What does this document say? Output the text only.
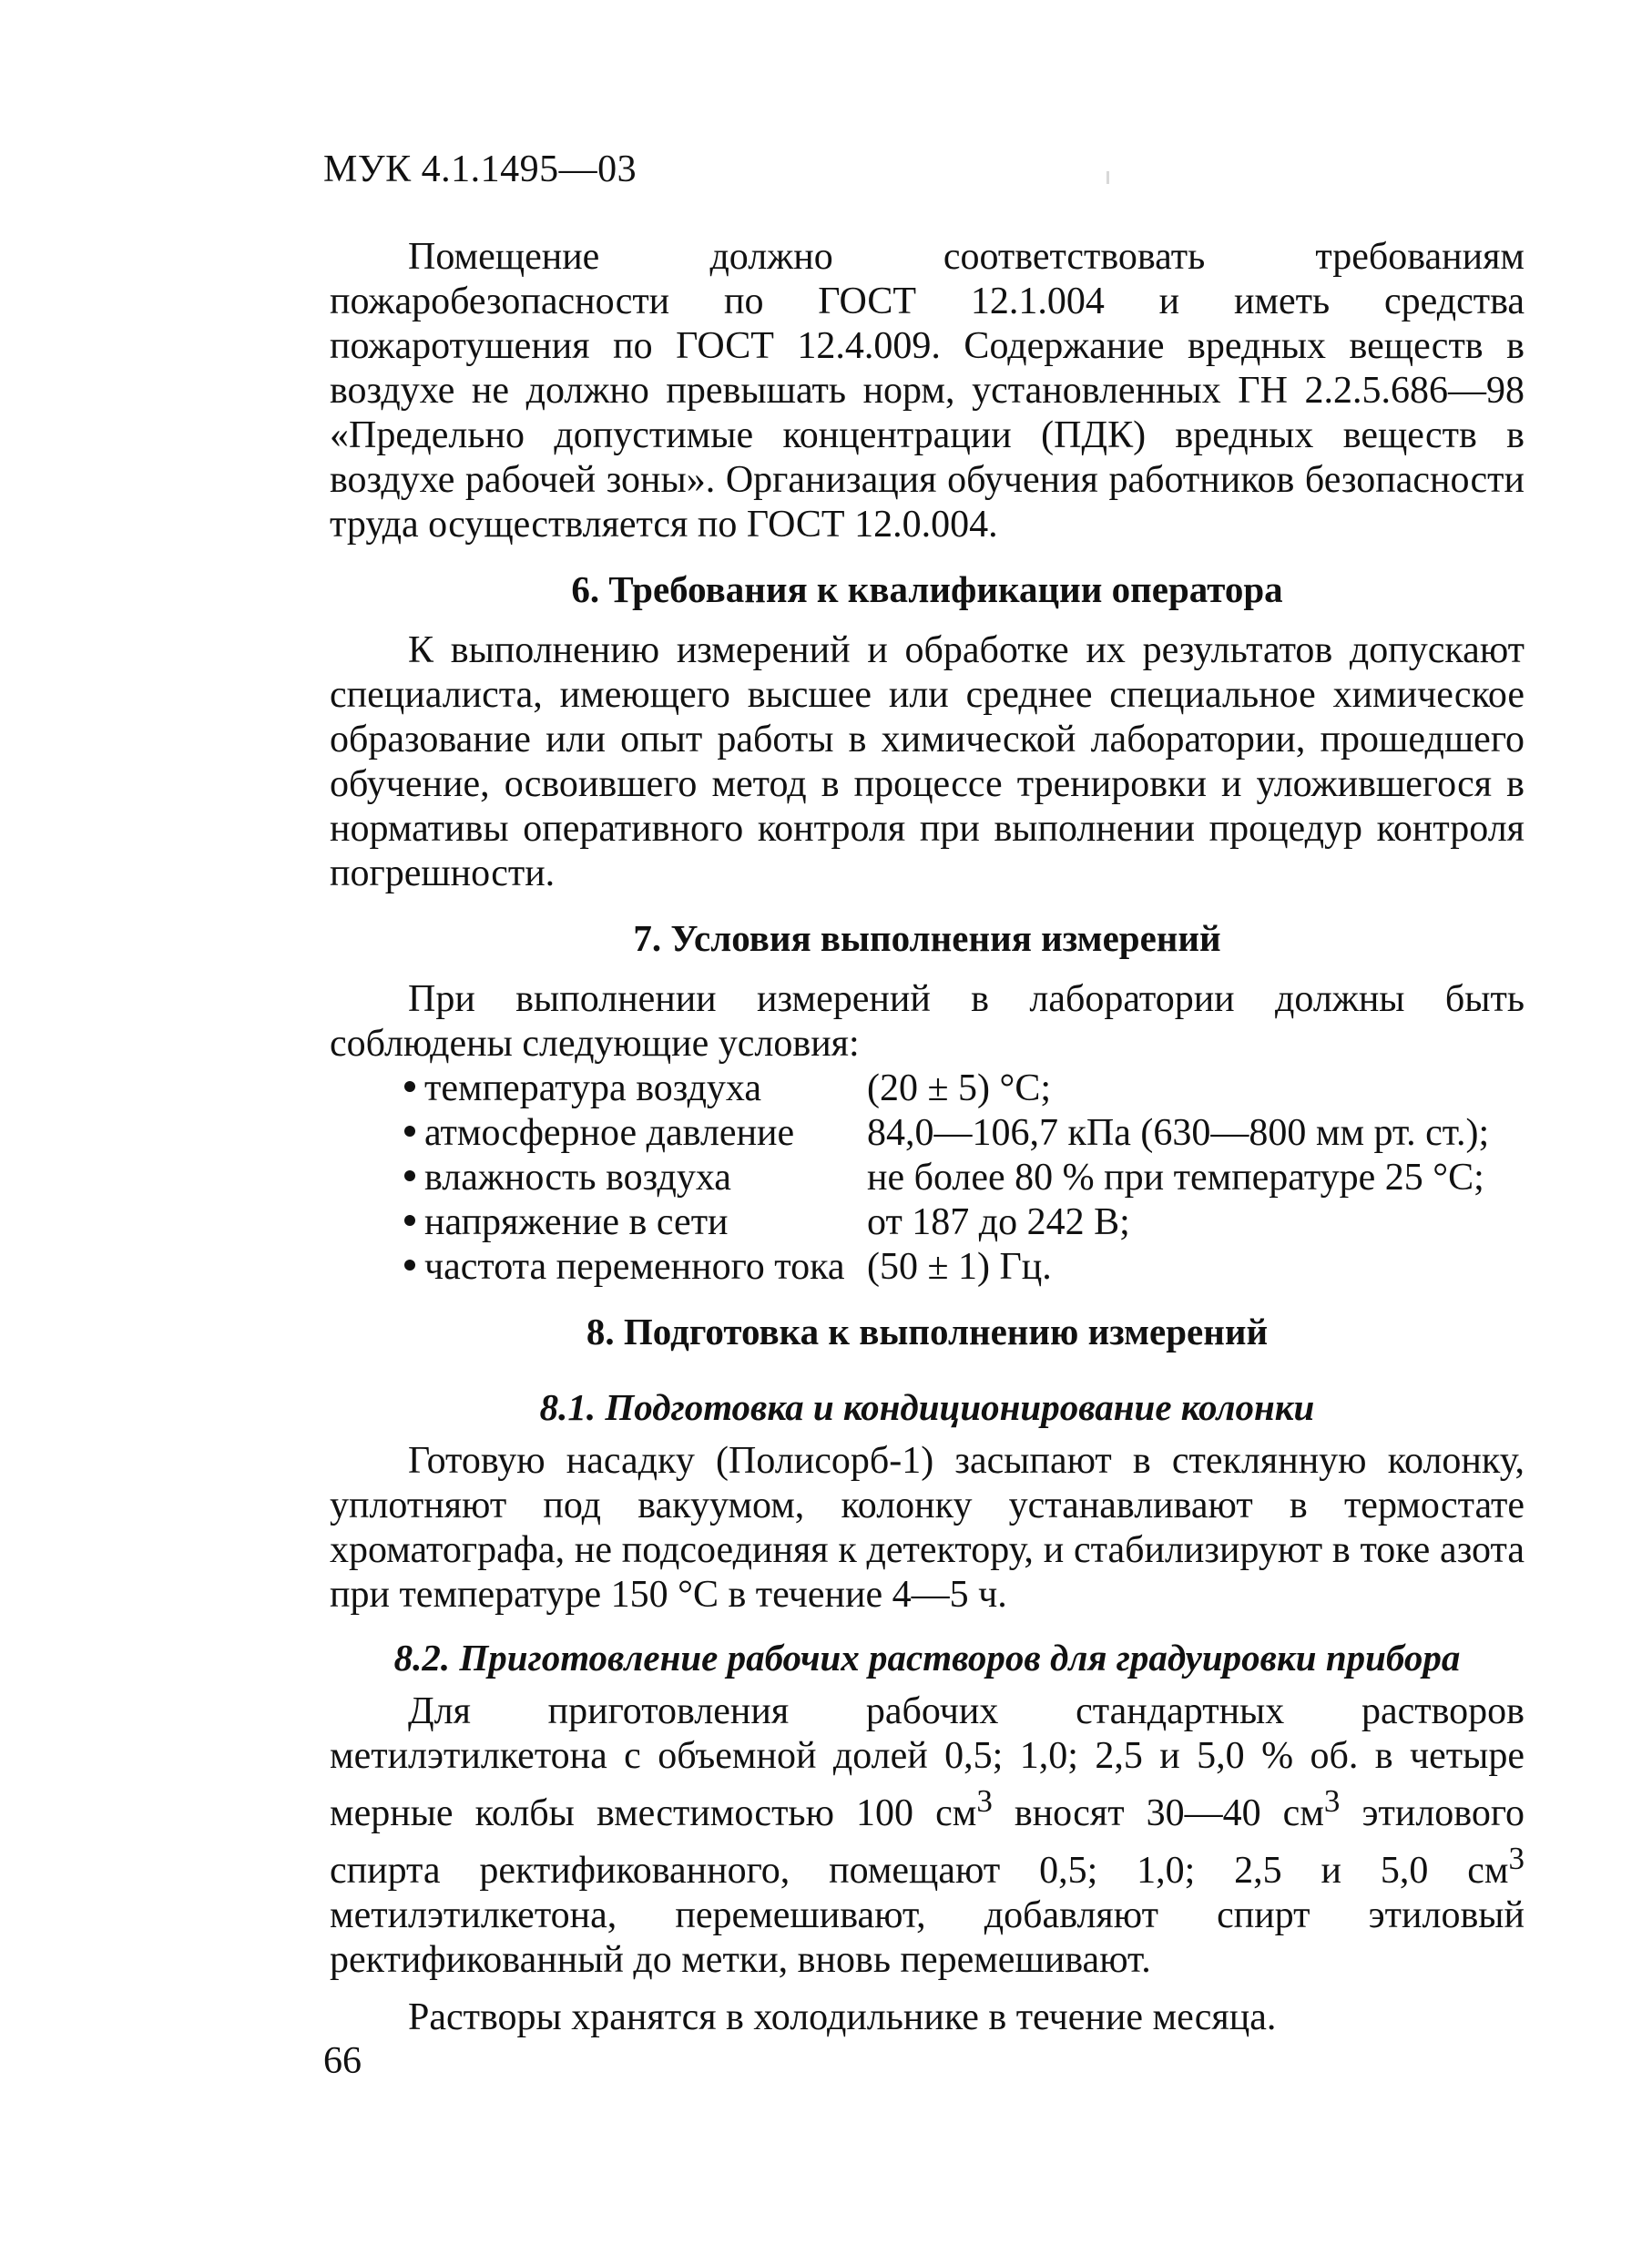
МУК 4.1.1495—03

Помещение должно соответствовать требованиям пожаробезопасности по ГОСТ 12.1.004 и иметь средства пожаротушения по ГОСТ 12.4.009. Содержание вредных веществ в воздухе не должно превышать норм, установленных ГН 2.2.5.686—98 «Предельно допустимые концентрации (ПДК) вредных веществ в воздухе рабочей зоны». Организация обучения работников безопасности труда осуществляется по ГОСТ 12.0.004.

6. Требования к квалификации оператора

К выполнению измерений и обработке их результатов допускают специалиста, имеющего высшее или среднее специальное химическое образование или опыт работы в химической лаборатории, прошедшего обучение, освоившего метод в процессе тренировки и уложившегося в нормативы оперативного контроля при выполнении процедур контроля погрешности.

7. Условия выполнения измерений

При выполнении измерений в лаборатории должны быть соблюдены следующие условия:

температура воздуха	(20 ± 5) °С;
атмосферное давление	84,0—106,7 кПа (630—800 мм рт. ст.);
влажность воздуха	не более 80 % при температуре 25 °С;
напряжение в сети	от 187 до 242 В;
частота переменного тока (50 ± 1) Гц.
8. Подготовка к выполнению измерений
8.1. Подготовка и кондиционирование колонки

Готовую насадку (Полисорб-1) засыпают в стеклянную колонку, уплотняют под вакуумом, колонку устанавливают в термостате хроматографа, не подсоединяя к детектору, и стабилизируют в токе азота при температуре 150 °С в течение 4—5 ч.

8.2. Приготовление рабочих растворов для градуировки прибора

Для приготовления рабочих стандартных растворов метилэтилкетона с объемной долей 0,5; 1,0; 2,5 и 5,0 % об. в четыре мерные колбы вместимостью 100 $см^3$ вносят 30—40 $см^3$ этилового спирта ректификованного, помещают 0,5; 1,0; 2,5 и 5,0 $см^3$ метилэтилкетона, перемешивают, добавляют спирт этиловый ректификованный до метки, вновь перемешивают.

Растворы хранятся в холодильнике в течение месяца.

66
